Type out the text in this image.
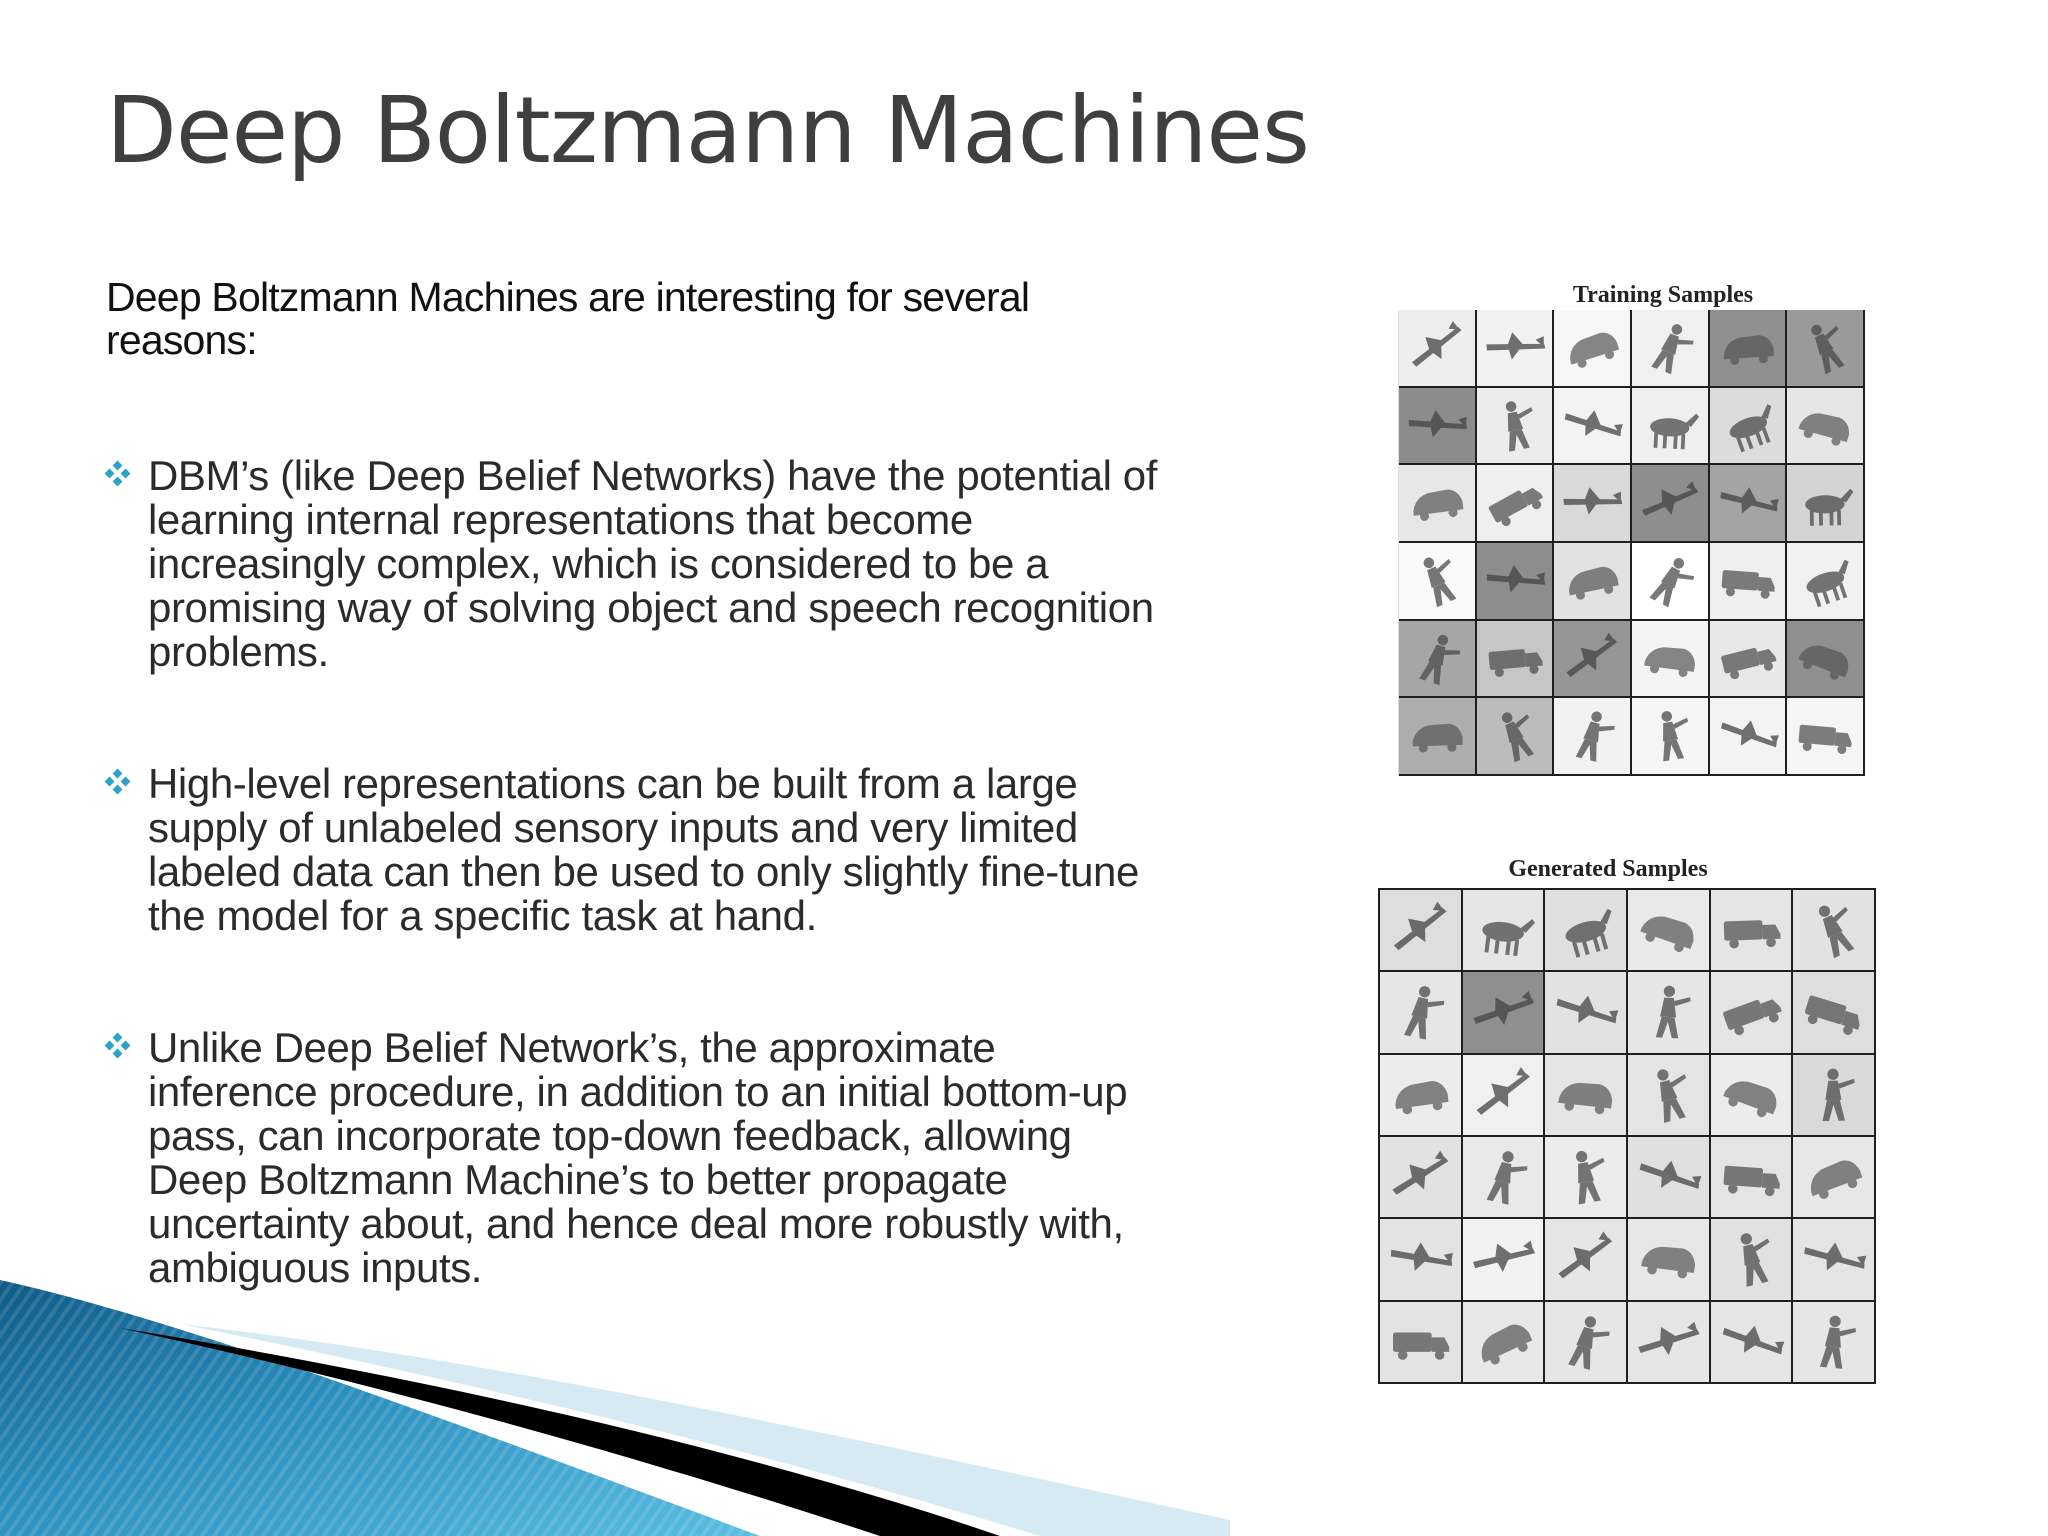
Deep Boltzmann Machines
Deep Boltzmann Machines are interesting for several reasons:
DBM’s (like Deep Belief Networks) have the potential of learning internal representations that become increasingly complex, which is considered to be a promising way of solving object and speech recognition problems.
High-level representations can be built from a large supply of unlabeled sensory inputs and very limited labeled data can then be used to only slightly fine-tune the model for a specific task at hand.
Unlike Deep Belief Network’s, the approximate inference procedure, in addition to an initial bottom-up pass, can incorporate top-down feedback, allowing Deep Boltzmann Machine’s to better propagate uncertainty about, and hence deal more robustly with, ambiguous inputs.
Training Samples
Generated Samples
